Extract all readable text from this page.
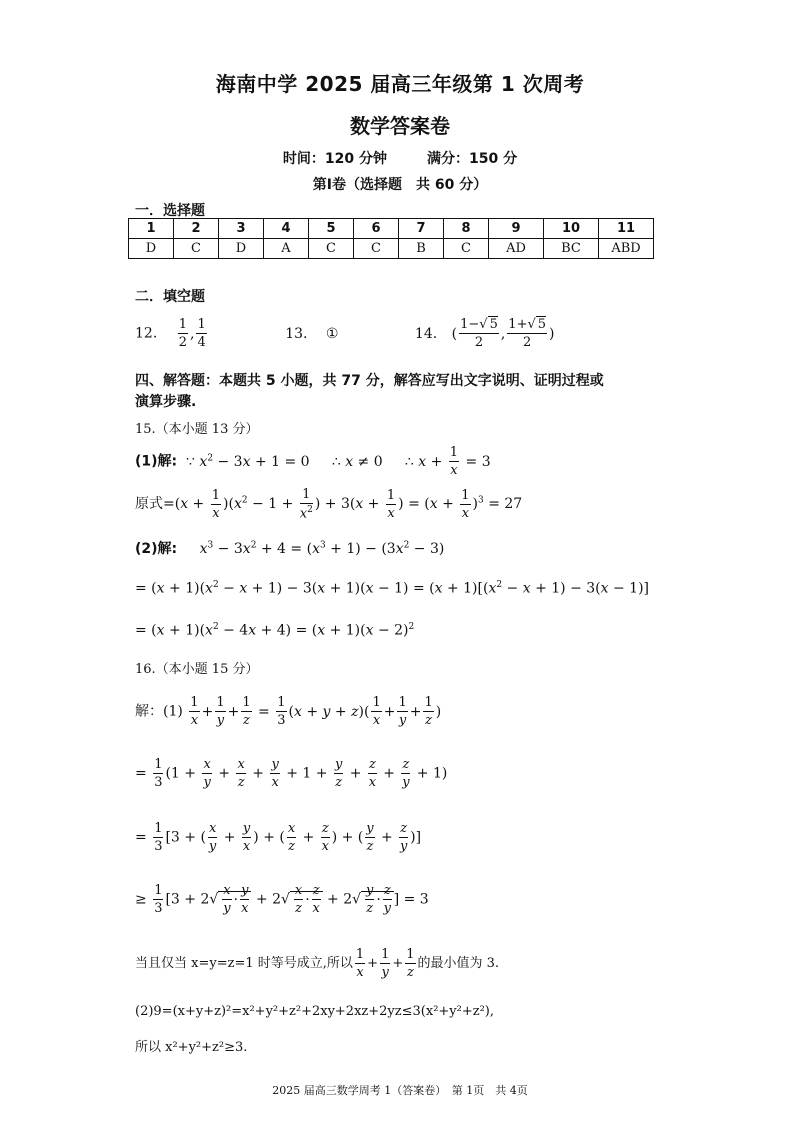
海南中学 2025 届高三年级第 1 次周考
数学答案卷
时间：120 分钟	满分：150 分
第Ⅰ卷（选择题　共 60 分）
一．选择题
1	2	3	4	5	6	7	8	9	10	11
D	C	D	A	C	C	B	C	AD	BC	ABD
二．填空题
12. $\frac{1}{2}$ , $\frac{1}{4}$	13. ①	14. ( $\frac{1-√ 5}{2}$ , $\frac{1+√ 5}{2}$ )
四、解答题：本题共 5 小题，共 77 分，解答应写出文字说明、证明过程或
演算步骤.
15.（本小题 13 分）
(1)解:  ∵ $x^2 - 3x + 1 = 0$     ∴ x ≠ 0     ∴ $x + \frac{1}{x} = 3$
原式$=(x + \frac{1}{x} )(x^2 - 1 + \frac{1}{x^2}$ ) + $3(x + \frac{1}{x}$ ) = $(x + \frac{1}{x} )^3 = 27$
(2)解: $x^3 - 3x^2 + 4 = (x^3 + 1) - (3x^2 - 3)$
= $(x + 1)(x^2 - x + 1) - 3(x + 1)(x - 1) = (x + 1)[(x^2 - x + 1) - 3(x - 1)]$
= $(x + 1)(x^2 - 4x + 4) = (x + 1)(x - 2)^2$
16.（本小题 15 分）
解：$(1) \frac{1}{x} + \frac{1}{y} + \frac{1}{z} = \frac{1}{3} (x + y + z)( \frac{1}{x} + \frac{1}{y} + \frac{1}{z}$ )
= $\frac{1}{3} (1 + \frac{x}{y} + \frac{x}{z} + \frac{y}{x} + 1 + \frac{y}{z} + \frac{z}{x} + \frac{z}{y} + 1)$
= $\frac{1}{3} [3$ + ( $\frac{x}{y} + \frac{y}{x}$ ) + ( $\frac{x}{z} + \frac{z}{x}$ ) + ( $\frac{y}{z} + \frac{z}{y}$ )]
≥ $\frac{1}{3} [3 + 2√ \frac{x}{y} \cdot \frac{y}{x} + 2√ \frac{x}{z} \cdot \frac{z}{x} + 2√ \frac{y}{z} \cdot \frac{z}{y}$ ] = 3
当且仅当 x=y=z=1 时等号成立,所以 $\frac{1}{x} + \frac{1}{y} + \frac{1}{z}$ 的最小值为 3.
(2)9=(x+y+z)²=x²+y²+z²+2xy+2xz+2yz≤3(x²+y²+z²),
所以 x²+y²+z²≥3.
2025 届高三数学周考 1（答案卷）　第 1页　共 4页
